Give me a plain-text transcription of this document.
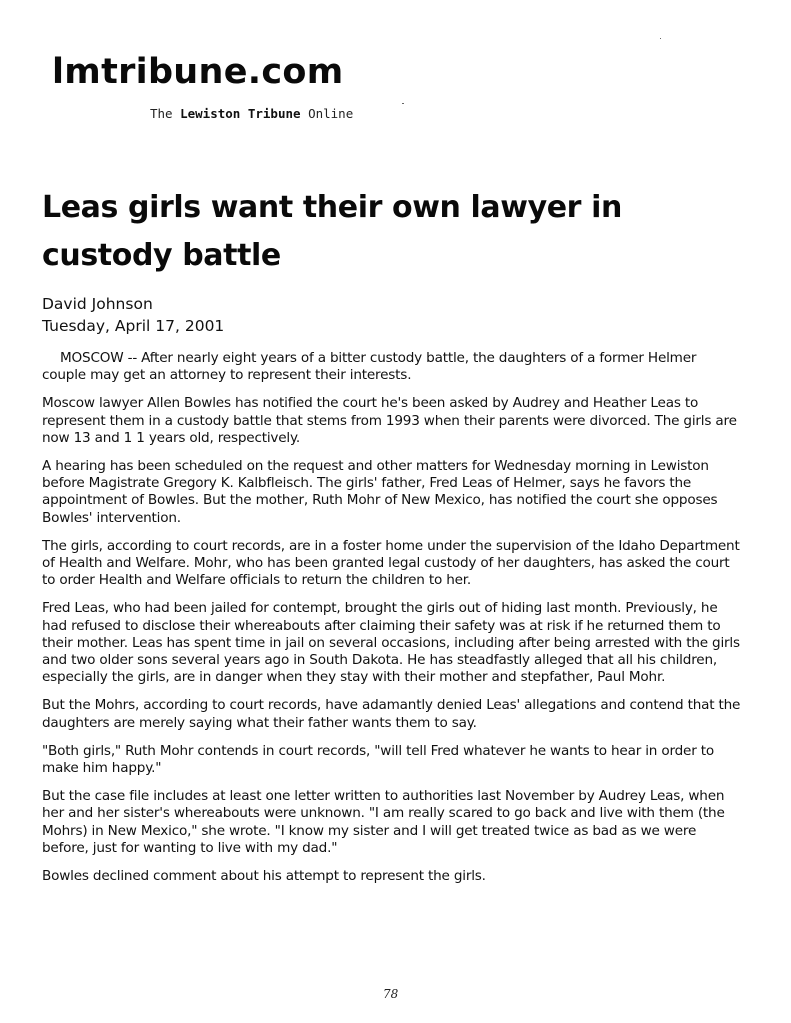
lmtribune.com
The Lewiston Tribune Online
Leas girls want their own lawyer in custody battle
David Johnson
Tuesday, April 17, 2001

MOSCOW -- After nearly eight years of a bitter custody battle, the daughters of a former Helmer couple may get an attorney to represent their interests.

Moscow lawyer Allen Bowles has notified the court he's been asked by Audrey and Heather Leas to represent them in a custody battle that stems from 1993 when their parents were divorced. The girls are now 13 and 1 1 years old, respectively.

A hearing has been scheduled on the request and other matters for Wednesday morning in Lewiston before Magistrate Gregory K. Kalbfleisch. The girls' father, Fred Leas of Helmer, says he favors the appointment of Bowles. But the mother, Ruth Mohr of New Mexico, has notified the court she opposes Bowles' intervention.

The girls, according to court records, are in a foster home under the supervision of the Idaho Department of Health and Welfare. Mohr, who has been granted legal custody of her daughters, has asked the court to order Health and Welfare officials to return the children to her.

Fred Leas, who had been jailed for contempt, brought the girls out of hiding last month. Previously, he had refused to disclose their whereabouts after claiming their safety was at risk if he returned them to their mother. Leas has spent time in jail on several occasions, including after being arrested with the girls and two older sons several years ago in South Dakota. He has steadfastly alleged that all his children, especially the girls, are in danger when they stay with their mother and stepfather, Paul Mohr.

But the Mohrs, according to court records, have adamantly denied Leas' allegations and contend that the daughters are merely saying what their father wants them to say.

"Both girls," Ruth Mohr contends in court records, "will tell Fred whatever he wants to hear in order to make him happy."

But the case file includes at least one letter written to authorities last November by Audrey Leas, when her and her sister's whereabouts were unknown. "I am really scared to go back and live with them (the Mohrs) in New Mexico," she wrote. "I know my sister and I will get treated twice as bad as we were before, just for wanting to live with my dad."

Bowles declined comment about his attempt to represent the girls.

78
